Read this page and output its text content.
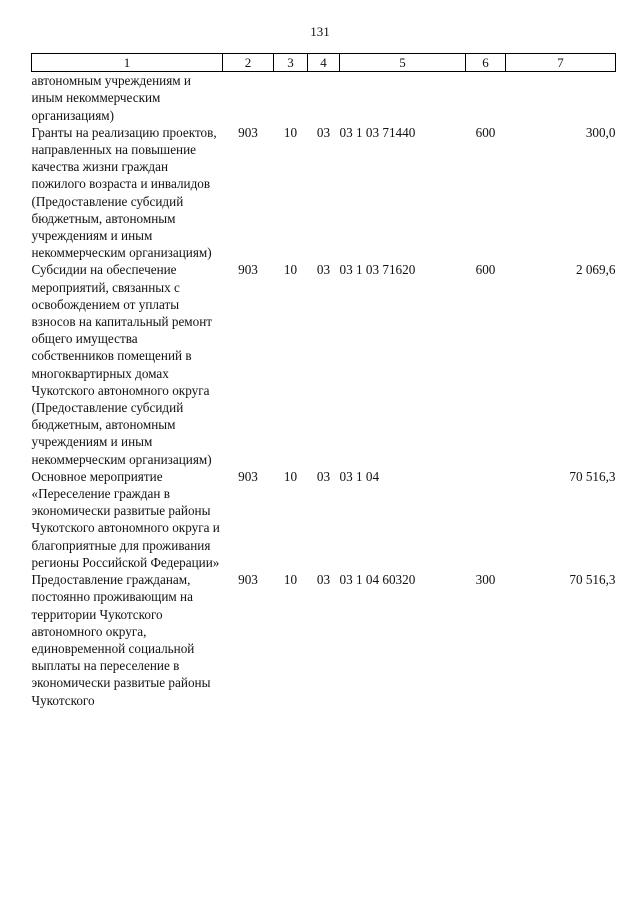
131
1	2	3	4	5	6	7
автономным учреждениям и иным некоммерческим организациям)						
Гранты на реализацию проектов, направленных на повышение качества жизни граждан пожилого возраста и инвалидов (Предоставление субсидий бюджетным, автономным учреждениям и иным некоммерческим организациям)	903	10	03	03 1 03 71440	600	300,0
Субсидии на обеспечение мероприятий, связанных с освобождением от уплаты взносов на капитальный ремонт общего имущества собственников помещений в многоквартирных домах Чукотского автономного округа (Предоставление субсидий бюджетным, автономным учреждениям и иным некоммерческим организациям)	903	10	03	03 1 03 71620	600	2 069,6
Основное мероприятие «Переселение граждан в экономически развитые районы Чукотского автономного округа и благоприятные для проживания регионы Российской Федерации»	903	10	03	03 1 04		70 516,3
Предоставление гражданам, постоянно проживающим на территории Чукотского автономного округа, единовременной социальной выплаты на переселение в экономически развитые районы Чукотского	903	10	03	03 1 04 60320	300	70 516,3
